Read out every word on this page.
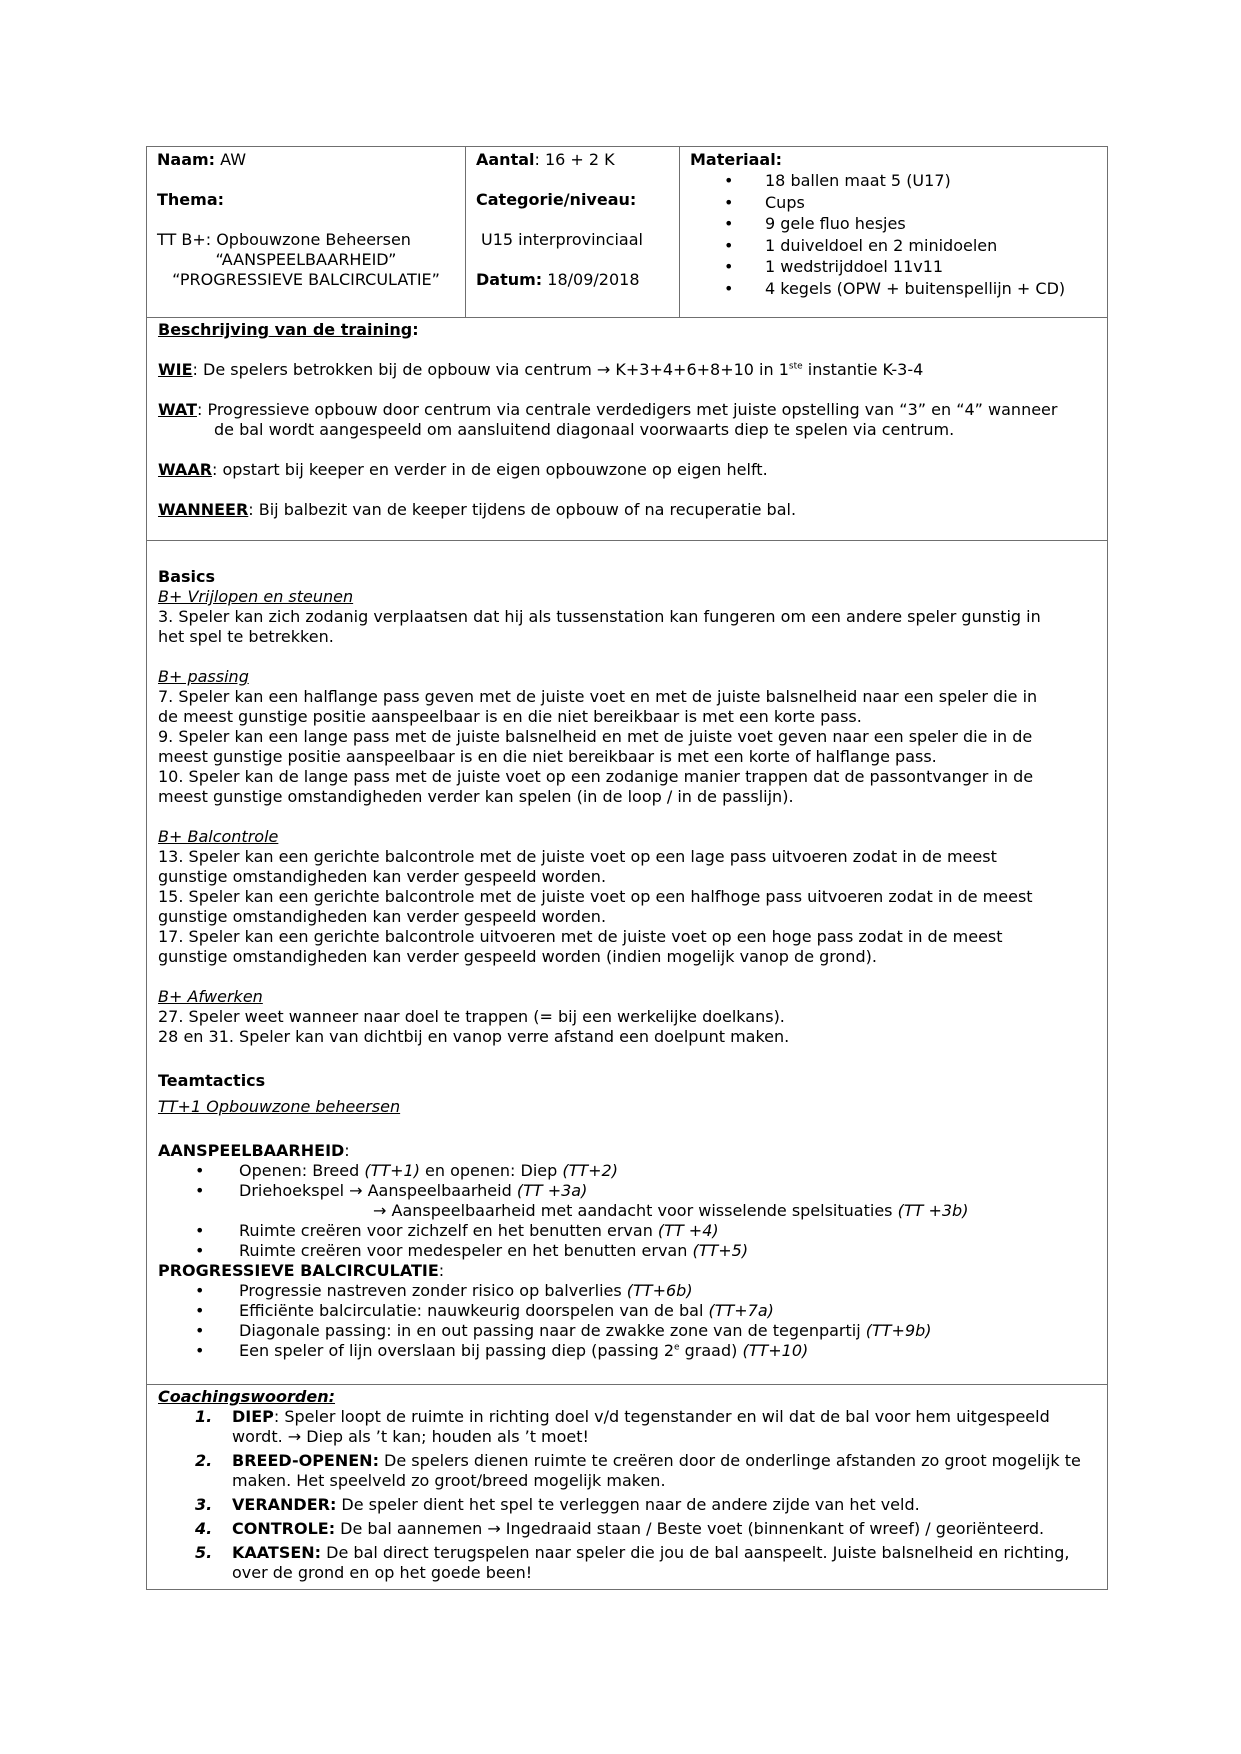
Naam: AW

Thema:

TT B+: Opbouwzone Beheersen

“AANSPEELBAARHEID”

“PROGRESSIEVE BALCIRCULATIE”

Aantal: 16 + 2 K

Categorie/niveau:

U15 interprovinciaal

Datum: 18/09/2018

Materiaal:

• 18 ballen maat 5 (U17)
• Cups
• 9 gele fluo hesjes
• 1 duiveldoel en 2 minidoelen
• 1 wedstrijddoel 11v11
• 4 kegels (OPW + buitenspellijn + CD)

Beschrijving van de training:

WIE: De spelers betrokken bij de opbouw via centrum → K+3+4+6+8+10 in 1ste instantie K-3-4

WAT: Progressieve opbouw door centrum via centrale verdedigers met juiste opstelling van “3” en “4” wanneer

de bal wordt aangespeeld om aansluitend diagonaal voorwaarts diep te spelen via centrum.

WAAR: opstart bij keeper en verder in de eigen opbouwzone op eigen helft.

WANNEER: Bij balbezit van de keeper tijdens de opbouw of na recuperatie bal.

Basics

B+ Vrijlopen en steunen

3. Speler kan zich zodanig verplaatsen dat hij als tussenstation kan fungeren om een andere speler gunstig in

het spel te betrekken.

B+ passing

7. Speler kan een halflange pass geven met de juiste voet en met de juiste balsnelheid naar een speler die in

de meest gunstige positie aanspeelbaar is en die niet bereikbaar is met een korte pass.

9. Speler kan een lange pass met de juiste balsnelheid en met de juiste voet geven naar een speler die in de

meest gunstige positie aanspeelbaar is en die niet bereikbaar is met een korte of halflange pass.

10. Speler kan de lange pass met de juiste voet op een zodanige manier trappen dat de passontvanger in de

meest gunstige omstandigheden verder kan spelen (in de loop / in de passlijn).

B+ Balcontrole

13. Speler kan een gerichte balcontrole met de juiste voet op een lage pass uitvoeren zodat in de meest

gunstige omstandigheden kan verder gespeeld worden.

15. Speler kan een gerichte balcontrole met de juiste voet op een halfhoge pass uitvoeren zodat in de meest

gunstige omstandigheden kan verder gespeeld worden.

17. Speler kan een gerichte balcontrole uitvoeren met de juiste voet op een hoge pass zodat in de meest

gunstige omstandigheden kan verder gespeeld worden (indien mogelijk vanop de grond).

B+ Afwerken

27. Speler weet wanneer naar doel te trappen (= bij een werkelijke doelkans).

28 en 31. Speler kan van dichtbij en vanop verre afstand een doelpunt maken.

Teamtactics

TT+1 Opbouwzone beheersen

AANSPEELBAARHEID:

• Openen: Breed (TT+1) en openen: Diep (TT+2)
• Driehoekspel → Aanspeelbaarheid (TT +3a)
→ Aanspeelbaarheid met aandacht voor wisselende spelsituaties (TT +3b)
• Ruimte creëren voor zichzelf en het benutten ervan (TT +4)
• Ruimte creëren voor medespeler en het benutten ervan (TT+5)

PROGRESSIEVE BALCIRCULATIE:

• Progressie nastreven zonder risico op balverlies (TT+6b)
• Efficiënte balcirculatie: nauwkeurig doorspelen van de bal (TT+7a)
• Diagonale passing: in en out passing naar de zwakke zone van de tegenpartij (TT+9b)
• Een speler of lijn overslaan bij passing diep (passing 2e graad) (TT+10)

Coachingswoorden:

1. DIEP: Speler loopt de ruimte in richting doel v/d tegenstander en wil dat de bal voor hem uitgespeeld wordt. → Diep als ’t kan; houden als ’t moet!
2. BREED-OPENEN: De spelers dienen ruimte te creëren door de onderlinge afstanden zo groot mogelijk te maken. Het speelveld zo groot/breed mogelijk maken.
3. VERANDER: De speler dient het spel te verleggen naar de andere zijde van het veld.
4. CONTROLE: De bal aannemen → Ingedraaid staan / Beste voet (binnenkant of wreef) / georiënteerd.
5. KAATSEN: De bal direct terugspelen naar speler die jou de bal aanspeelt. Juiste balsnelheid en richting, over de grond en op het goede been!
